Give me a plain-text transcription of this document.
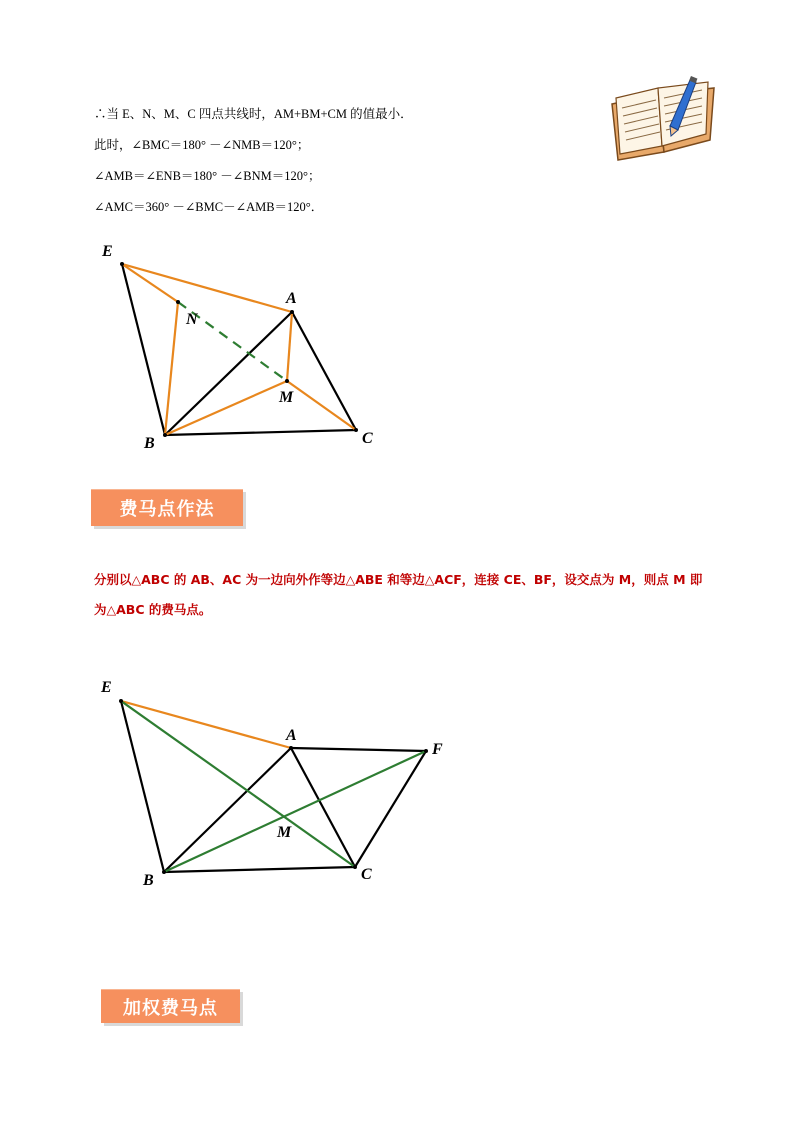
∴当 E、N、M、C 四点共线时，AM+BM+CM 的值最小．
此时，∠BMC＝180° －∠NMB＝120°；
∠AMB＝∠ENB＝180° －∠BNM＝120°；
∠AMC＝360° －∠BMC－∠AMB＝120°．
E
N
A
M
B	C
费马点作法
分别以△ABC 的 AB、AC 为一边向外作等边△ABE 和等边△ACF，连接 CE、BF，设交点为 M，则点 M 即为△ABC 的费马点。
E
A
F
M
B	C
加权费马点
